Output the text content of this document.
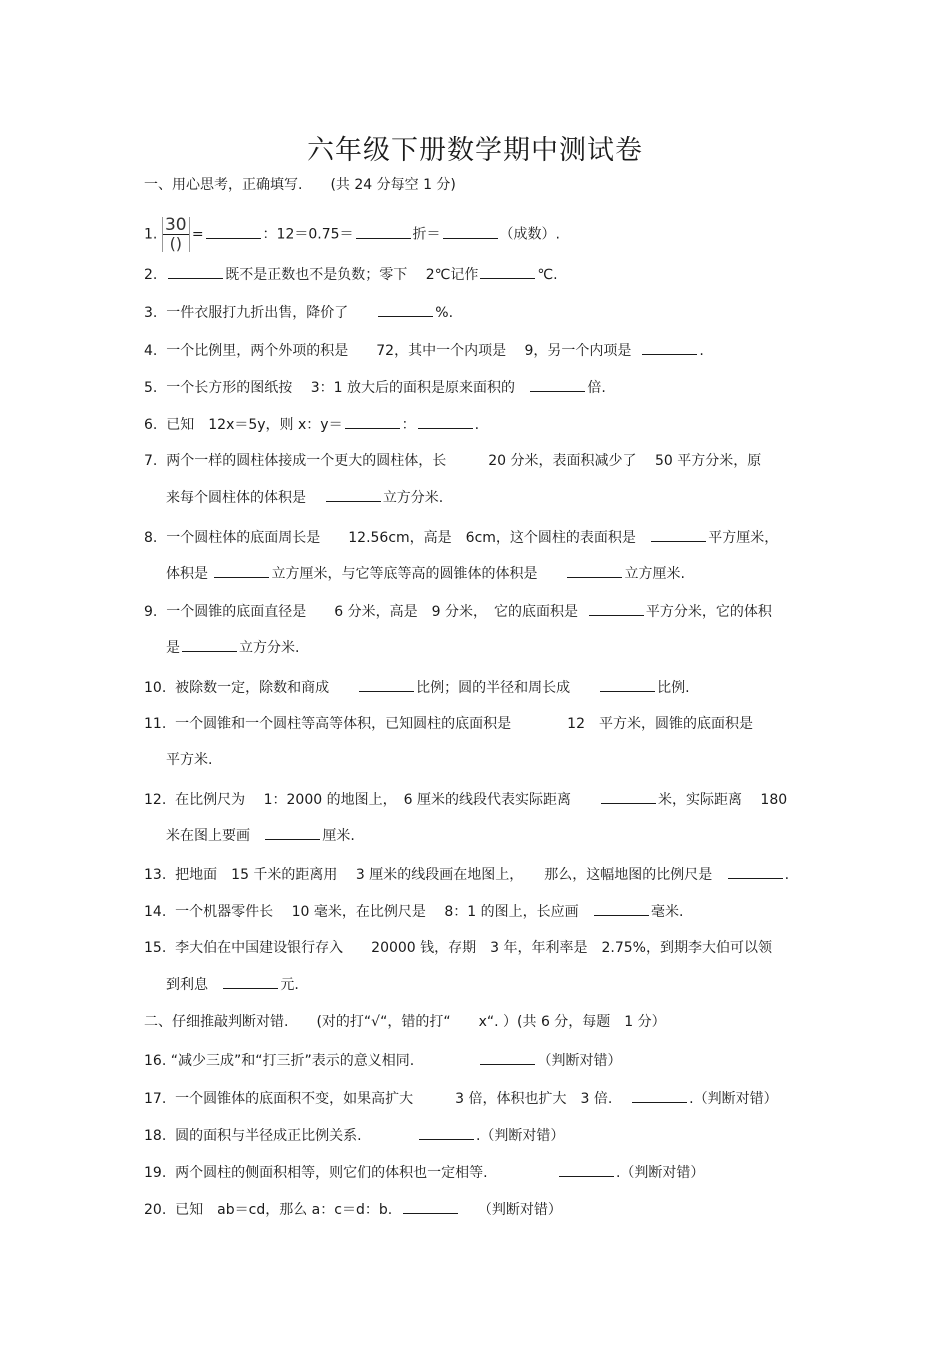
六年级下册数学期中测试卷
一、用心思考，正确填写.　　(共 24 分每空 1 分)
1. $\frac{30}{()}$ =	：12＝0.75＝	折＝	（成数）.
2.	既不是正数也不是负数；零下　 2℃记作	℃.
3. 一件衣服打九折出售，降价了　　	%.
4. 一个比例里，两个外项的积是　　72，其中一个内项是　 9，另一个内项是	.
5. 一个长方形的图纸按　 3：1 放大后的面积是原来面积的	倍.
6. 已知　12x＝5y，则 x：y＝	：	.
7. 两个一样的圆柱体接成一个更大的圆柱体，长　　　20 分米，表面积减少了　 50 平方分米，原
来每个圆柱体的体积是	立方分米.
8. 一个圆柱体的底面周长是　　12.56cm，高是　6cm，这个圆柱的表面积是	平方厘米，
体积是	立方厘米，与它等底等高的圆锥体的体积是　　	立方厘米.
9. 一个圆锥的底面直径是　　6 分米，高是　9 分米，　它的底面积是	平方分米，它的体积
是	立方分米.
10. 被除数一定，除数和商成　　	比例；圆的半径和周长成　　	比例.
11. 一个圆锥和一个圆柱等高等体积，已知圆柱的底面积是　　　　12　平方米，圆锥的底面积是
平方米.
12. 在比例尺为　 1：2000 的地图上，　6 厘米的线段代表实际距离　　	米，实际距离　 180
米在图上要画	厘米.
13. 把地面　15 千米的距离用　 3 厘米的线段画在地图上，　　那么，这幅地图的比例尺是	.
14. 一个机器零件长　 10 毫米，在比例尺是　 8：1 的图上，长应画	毫米.
15. 李大伯在中国建设银行存入　　20000 钱，存期　3 年，年利率是　2.75%，到期李大伯可以领
到利息	元.
二、仔细推敲判断对错.　　(对的打“√“，错的打“　　x“. ）(共 6 分，每题　1 分）
16. “减少三成”和“打三折”表示的意义相同.　　　	（判断对错）
17. 一个圆锥体的底面积不变，如果高扩大　　　3 倍，体积也扩大　3 倍.	.（判断对错）
18. 圆的面积与半径成正比例关系.　　　	.（判断对错）
19. 两个圆柱的侧面积相等，则它们的体积也一定相等.　　　　	.（判断对错）
20. 已知　ab＝cd，那么 a：c＝d：b.	（判断对错）
